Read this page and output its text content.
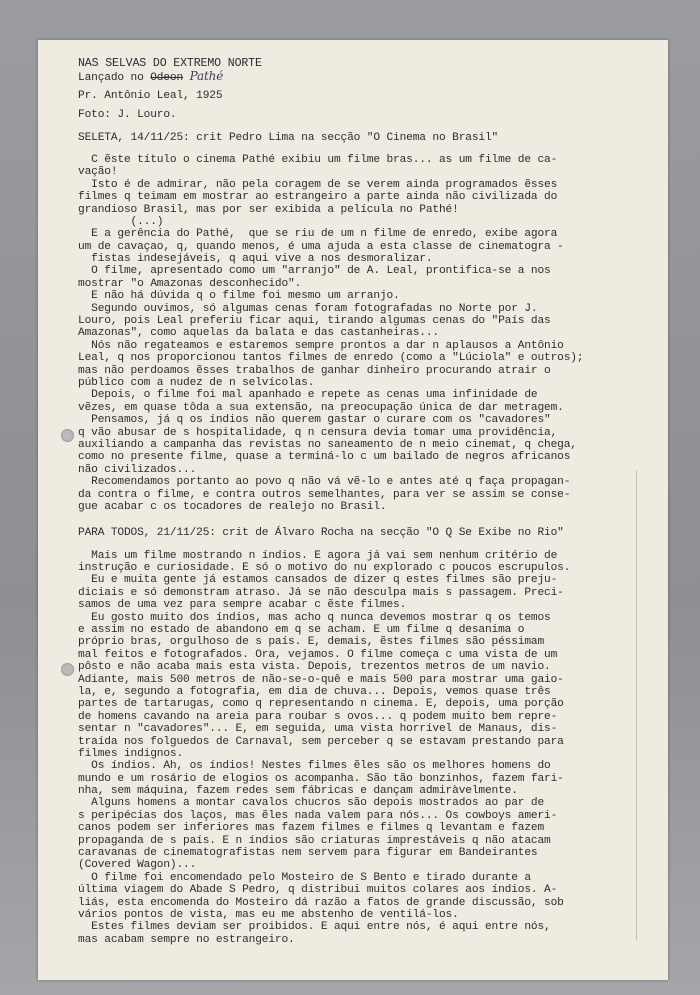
NAS SELVAS DO EXTREMO NORTE
Lançado no Odeon Pathé
Pr. Antônio Leal, 1925
Foto: J. Louro.
SELETA, 14/11/25: crit Pedro Lima na secção "O Cinema no Brasil"
C ẽste título o cinema Pathé exibiu um filme bras... as um filme de ca-
vação!
Isto é de admirar, não pela coragem de se verem ainda programados ẽsses
filmes q teimam em mostrar ao estrangeiro a parte ainda não civilizada do
grandioso Brasil, mas por ser exibida a película no Pathé!
(...)
E a gerência do Pathé,  que se riu de um n filme de enredo, exibe agora
um de cavaçao, q, quando menos, é uma ajuda a esta classe de cinematogra -
fistas indesejáveis, q aqui vive a nos desmoralizar.
O filme, apresentado como um "arranjo" de A. Leal, prontifica-se a nos
mostrar "o Amazonas desconhecido".
E não há dúvida q o filme foi mesmo um arranjo.
Segundo ouvimos, só algumas cenas foram fotografadas no Norte por J.
Louro, pois Leal preferiu ficar aqui, tirando algumas cenas do "País das
Amazonas", como aquelas da balata e das castanheiras...
Nós não regateamos e estaremos sempre prontos a dar n aplausos a Antônio
Leal, q nos proporcionou tantos filmes de enredo (como a "Lúciola" e outros);
mas não perdoamos ẽsses trabalhos de ganhar dinheiro procurando atrair o
público com a nudez de n selvícolas.
Depois, o filme foi mal apanhado e repete as cenas uma infinidade de
vẽzes, em quase tôda a sua extensão, na preocupação única de dar metragem.
Pensamos, já q os índios não querem gastar o curare com os "cavadores"
q vão abusar de s hospitalidade, q n censura devia tomar uma providência,
auxiliando a campanha das revistas no saneamento de n meio cinemat, q chega,
como no presente filme, quase a terminá-lo c um bailado de negros africanos
não civilizados...
Recomendamos portanto ao povo q não vá vẽ-lo e antes até q faça propagan-
da contra o filme, e contra outros semelhantes, para ver se assim se conse-
gue acabar c os tocadores de realejo no Brasil.
PARA TODOS, 21/11/25: crit de Álvaro Rocha na secção "O Q Se Exibe no Rio"
Mais um filme mostrando n índios. E agora já vai sem nenhum critério de
instrução e curiosidade. E só o motivo do nu explorado c poucos escrupulos.
Eu e muita gente já estamos cansados de dizer q estes filmes são preju-
diciais e só demonstram atraso. Já se não desculpa mais s passagem. Preci-
samos de uma vez para sempre acabar c ẽste filmes.
Eu gosto muito dos índios, mas acho q nunca devemos mostrar q os temos
e assim no estado de abandono em q se acham. E um filme q desanima o
próprio bras, orgulhoso de s país. E, demais, ẽstes filmes são péssimam
mal feitos e fotografados. Ora, vejamos. O filme começa c uma vista de um
pôsto e não acaba mais esta vista. Depois, trezentos metros de um navio.
Adiante, mais 500 metros de não-se-o-quê e mais 500 para mostrar uma gaio-
la, e, segundo a fotografia, em dia de chuva... Depois, vemos quase três
partes de tartarugas, como q representando n cinema. E, depois, uma porção
de homens cavando na areia para roubar s ovos... q podem muito bem repre-
sentar n "cavadores"... E, em seguida, uma vista horrível de Manaus, dis-
traída nos folguedos de Carnaval, sem perceber q se estavam prestando para
filmes indignos.
Os índios. Ah, os índios! Nestes filmes ẽles são os melhores homens do
mundo e um rosário de elogios os acompanha. São tão bonzinhos, fazem fari-
nha, sem máquina, fazem redes sem fábricas e dançam admiràvelmente.
Alguns homens a montar cavalos chucros são depois mostrados ao par de
s peripécias dos laços, mas ẽles nada valem para nós... Os cowboys ameri-
canos podem ser inferiores mas fazem filmes e filmes q levantam e fazem
propaganda de s país. E n índios são criaturas imprestáveis q não atacam
caravanas de cinematografistas nem servem para figurar em Bandeirantes
(Covered Wagon)...
O filme foi encomendado pelo Mosteiro de S Bento e tirado durante a
última viagem do Abade S Pedro, q distribui muitos colares aos índios. A-
liás, esta encomenda do Mosteiro dá razão a fatos de grande discussão, sob
vários pontos de vista, mas eu me abstenho de ventilá-los.
Estes filmes deviam ser proibidos. E aqui entre nós, é aqui entre nós,
mas acabam sempre no estrangeiro.
